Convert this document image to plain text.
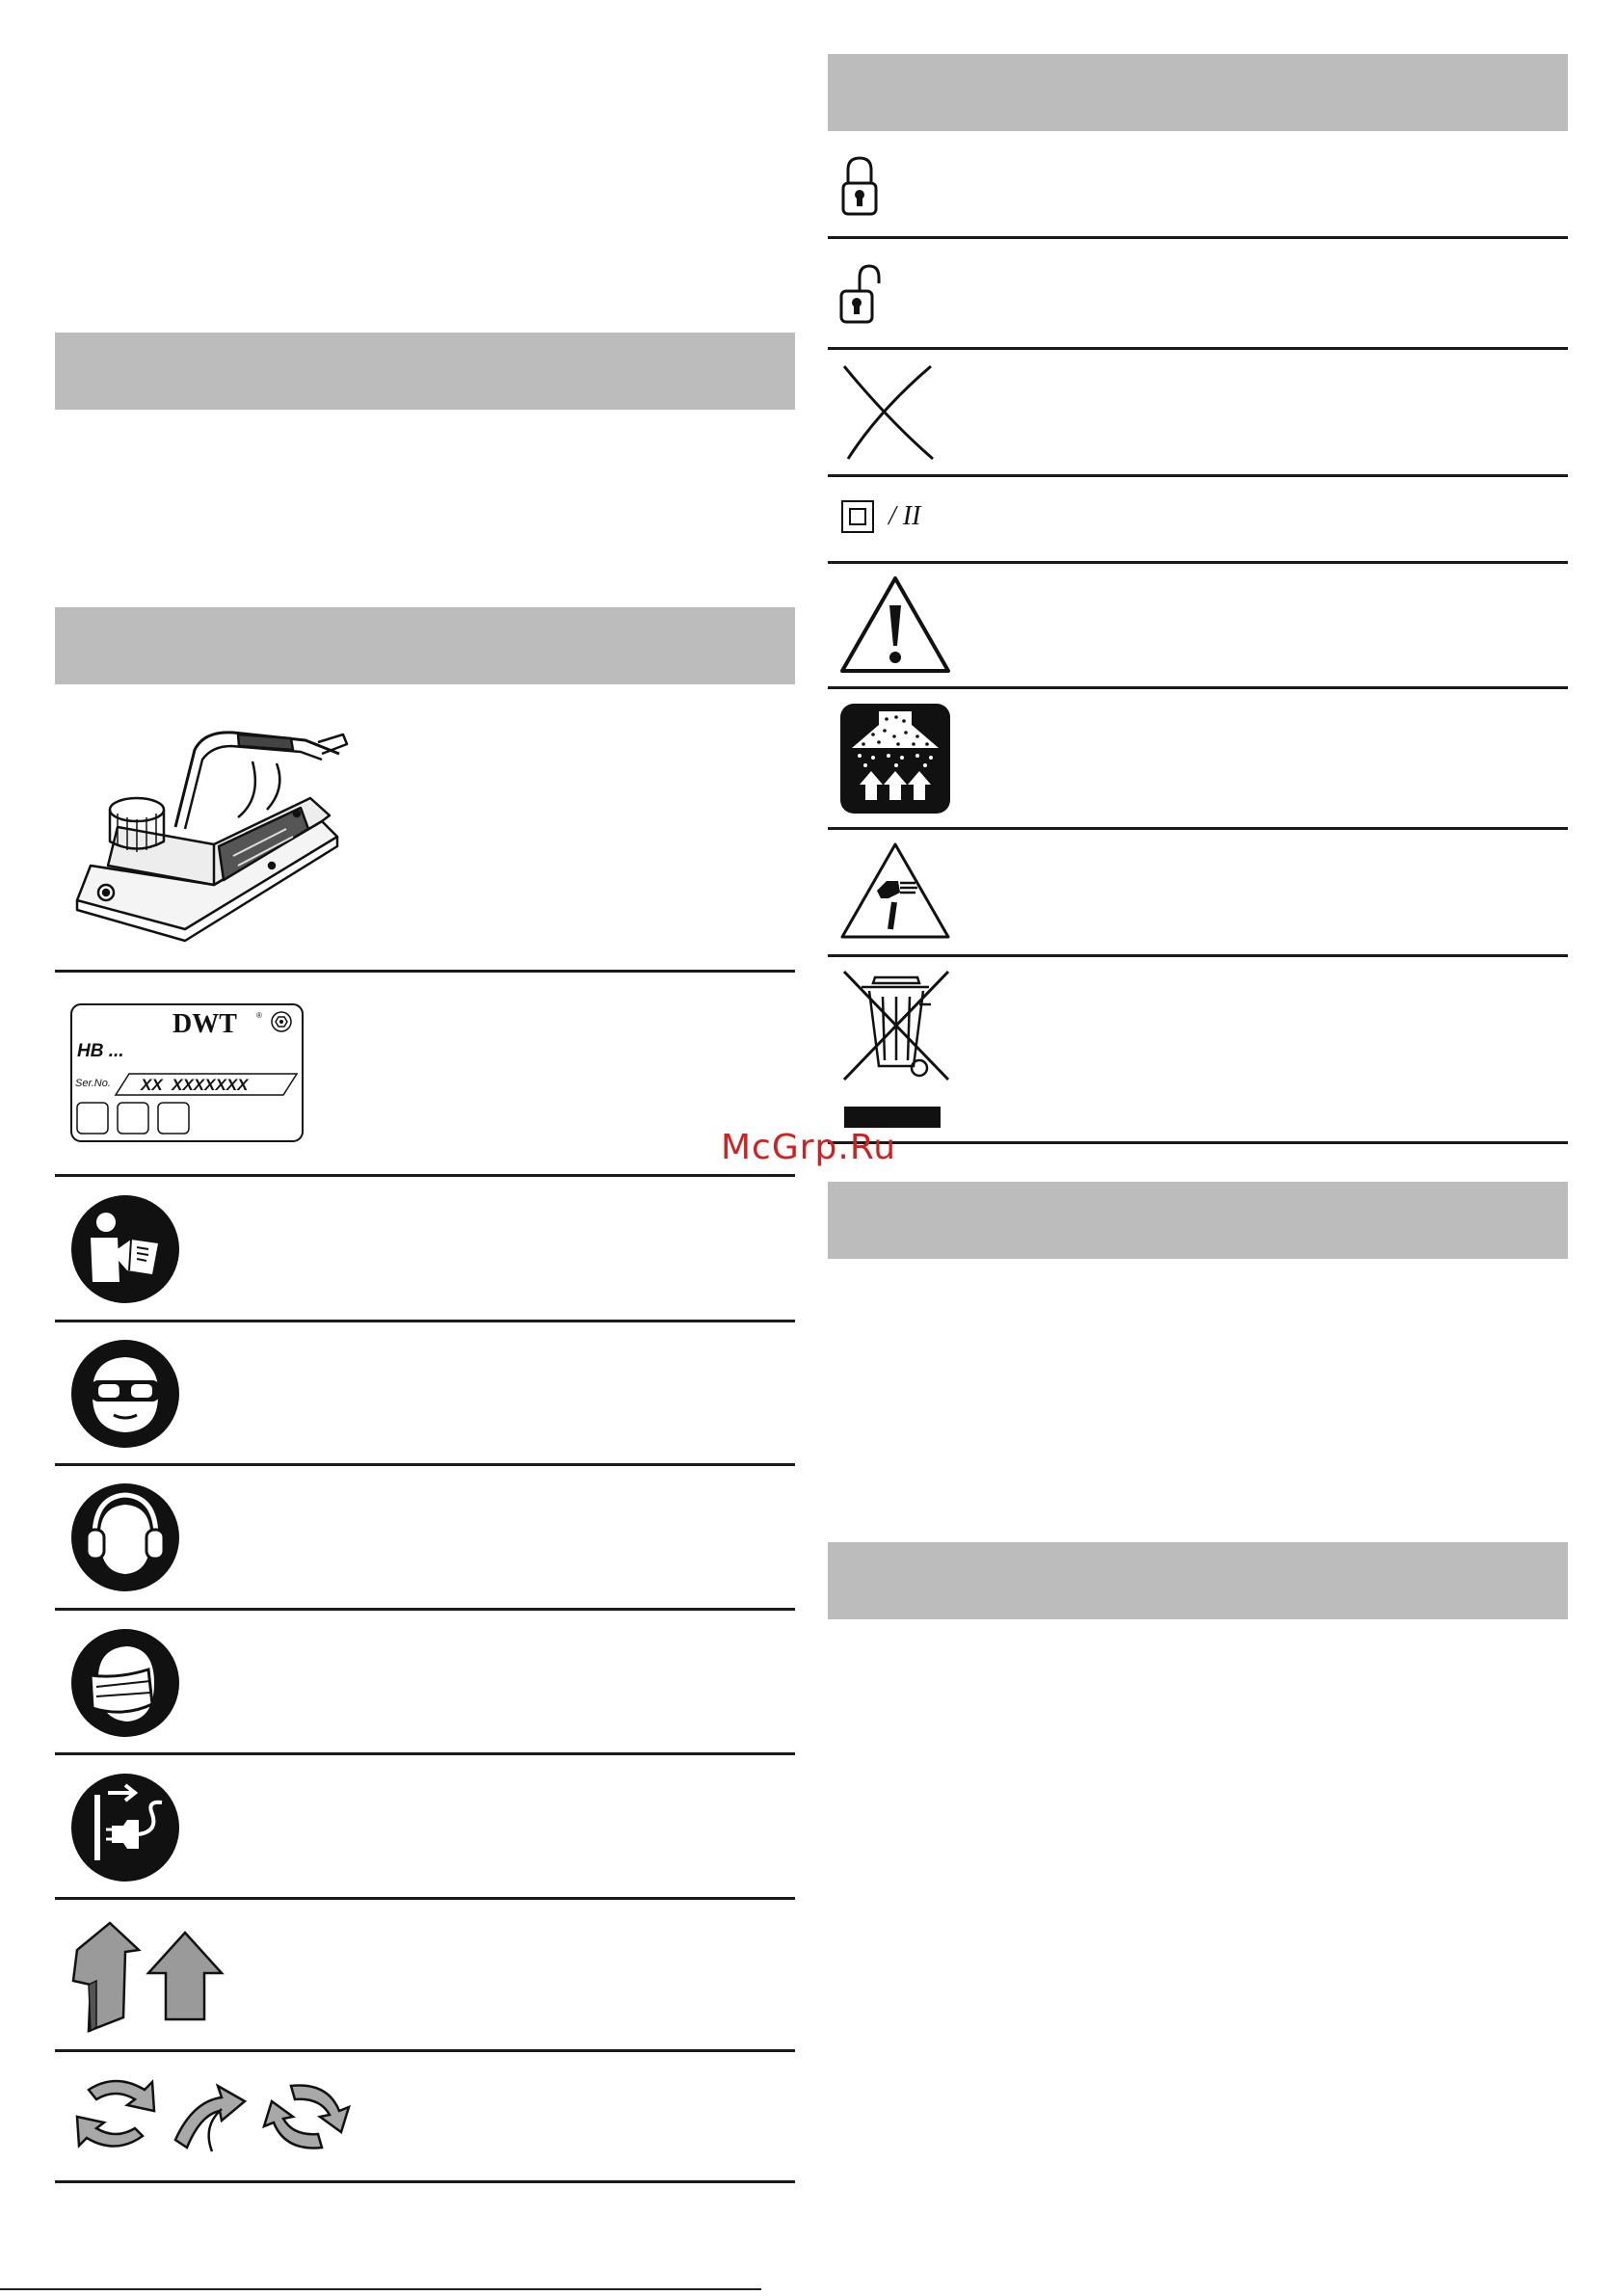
DWT	®
HB ...
Ser.No. XX  XXXXXXX
/ II
McGrp.Ru
